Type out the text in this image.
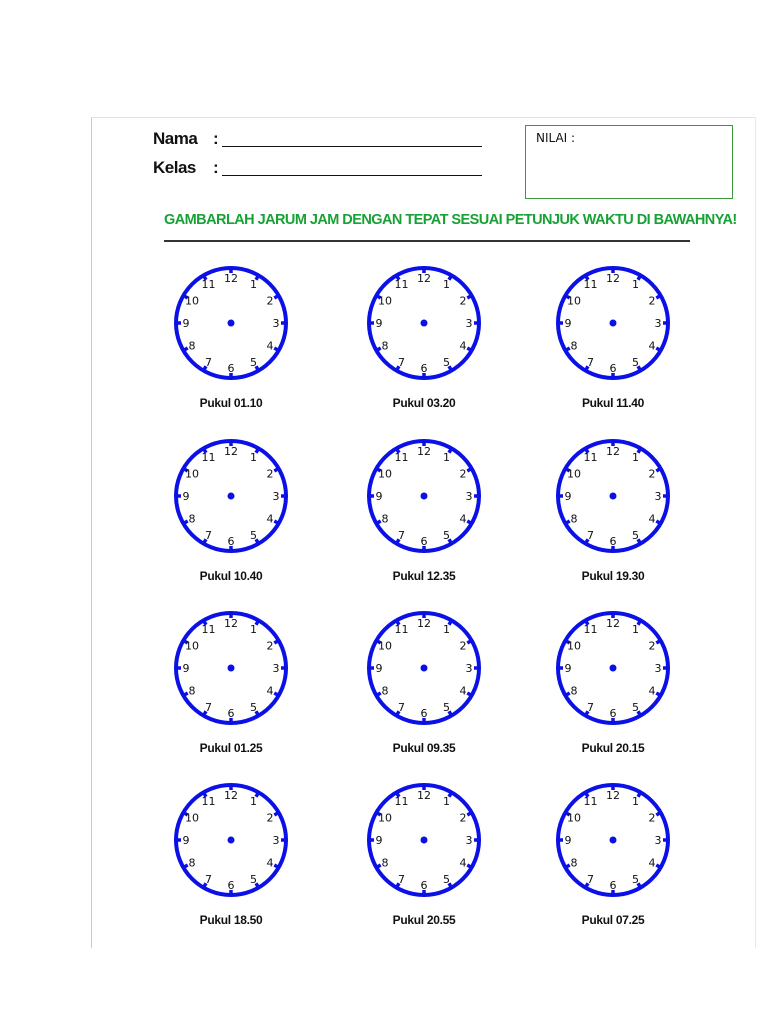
Nama :
Kelas :
NILAI :
GAMBARLAH JARUM JAM DENGAN TEPAT SESUAI PETUNJUK WAKTU DI BAWAHNYA!
12 1
2
3
4
5
6
7
8
9
10
11
Pukul 01.10
12 1
2
3
4
5
6
7
8
9
10
11
Pukul 03.20
12 1
2
3
4
5
6
7
8
9
10
11
Pukul 11.40
12 1
2
3
4
5
6
7
8
9
10
11
Pukul 10.40
12 1
2
3
4
5
6
7
8
9
10
11
Pukul 12.35
12 1
2
3
4
5
6
7
8
9
10
11
Pukul 19.30
12 1
2
3
4
5
6
7
8
9
10
11
Pukul 01.25
12 1
2
3
4
5
6
7
8
9
10
11
Pukul 09.35
12 1
2
3
4
5
6
7
8
9
10
11
Pukul 20.15
12 1
2
3
4
5
6
7
8
9
10
11
Pukul 18.50
12 1
2
3
4
5
6
7
8
9
10
11
Pukul 20.55
12 1
2
3
4
5
6
7
8
9
10
11
Pukul 07.25
